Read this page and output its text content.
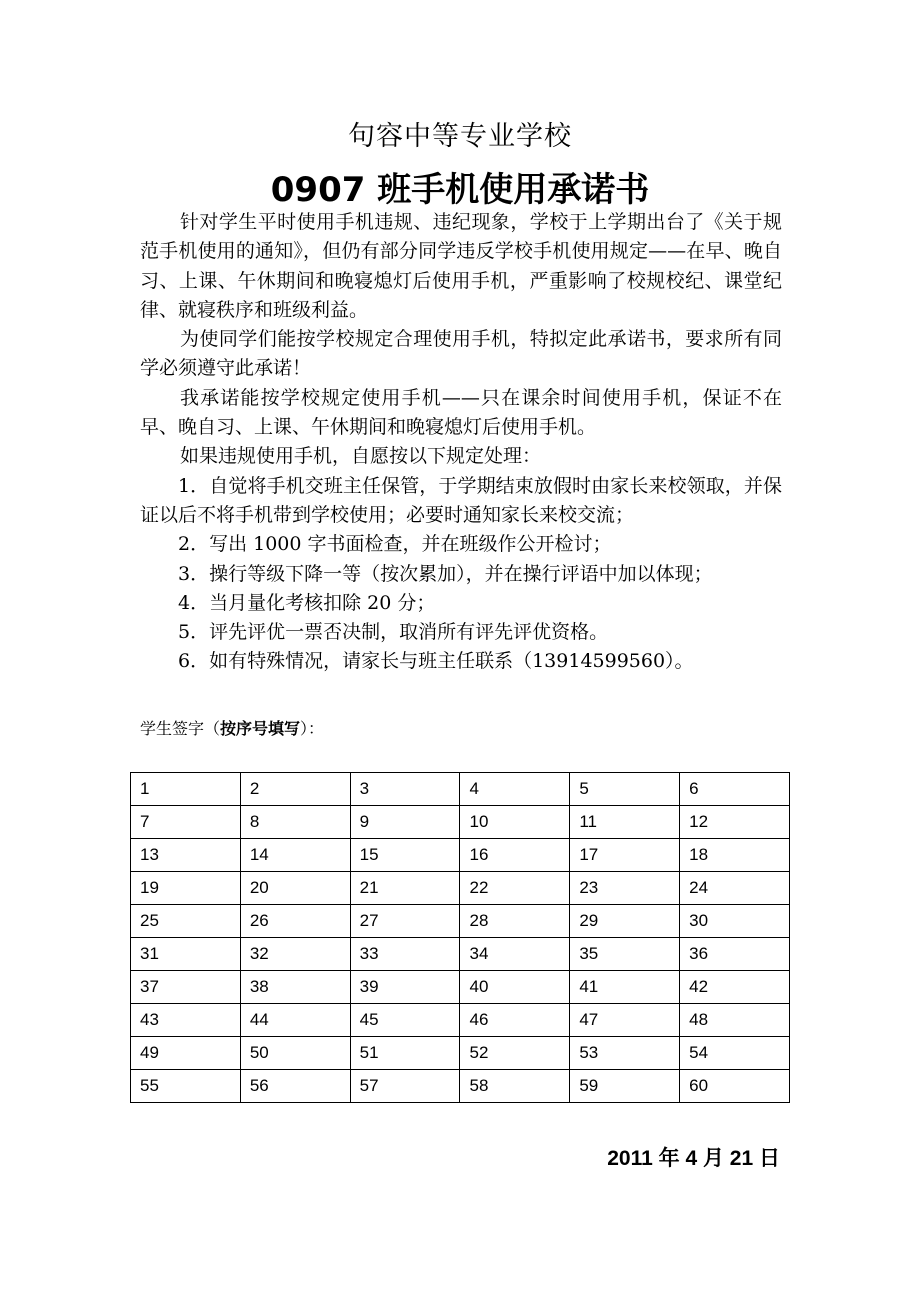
句容中等专业学校
0907 班手机使用承诺书

针对学生平时使用手机违规、违纪现象，学校于上学期出台了《关于规范手机使用的通知》，但仍有部分同学违反学校手机使用规定——在早、晚自习、上课、午休期间和晚寝熄灯后使用手机，严重影响了校规校纪、课堂纪律、就寝秩序和班级利益。

为使同学们能按学校规定合理使用手机，特拟定此承诺书，要求所有同学必须遵守此承诺！

我承诺能按学校规定使用手机——只在课余时间使用手机，保证不在早、晚自习、上课、午休期间和晚寝熄灯后使用手机。

如果违规使用手机，自愿按以下规定处理：

1．自觉将手机交班主任保管，于学期结束放假时由家长来校领取，并保证以后不将手机带到学校使用；必要时通知家长来校交流；

2．写出 1000 字书面检查，并在班级作公开检讨；

3．操行等级下降一等（按次累加），并在操行评语中加以体现；

4．当月量化考核扣除 20 分；

5．评先评优一票否决制，取消所有评先评优资格。

6．如有特殊情况，请家长与班主任联系（13914599560）。

学生签字（按序号填写）：
1	2	3	4	5	6
7	8	9	10	11	12
13	14	15	16	17	18
19	20	21	22	23	24
25	26	27	28	29	30
31	32	33	34	35	36
37	38	39	40	41	42
43	44	45	46	47	48
49	50	51	52	53	54
55	56	57	58	59	60
2011 年 4 月 21 日
